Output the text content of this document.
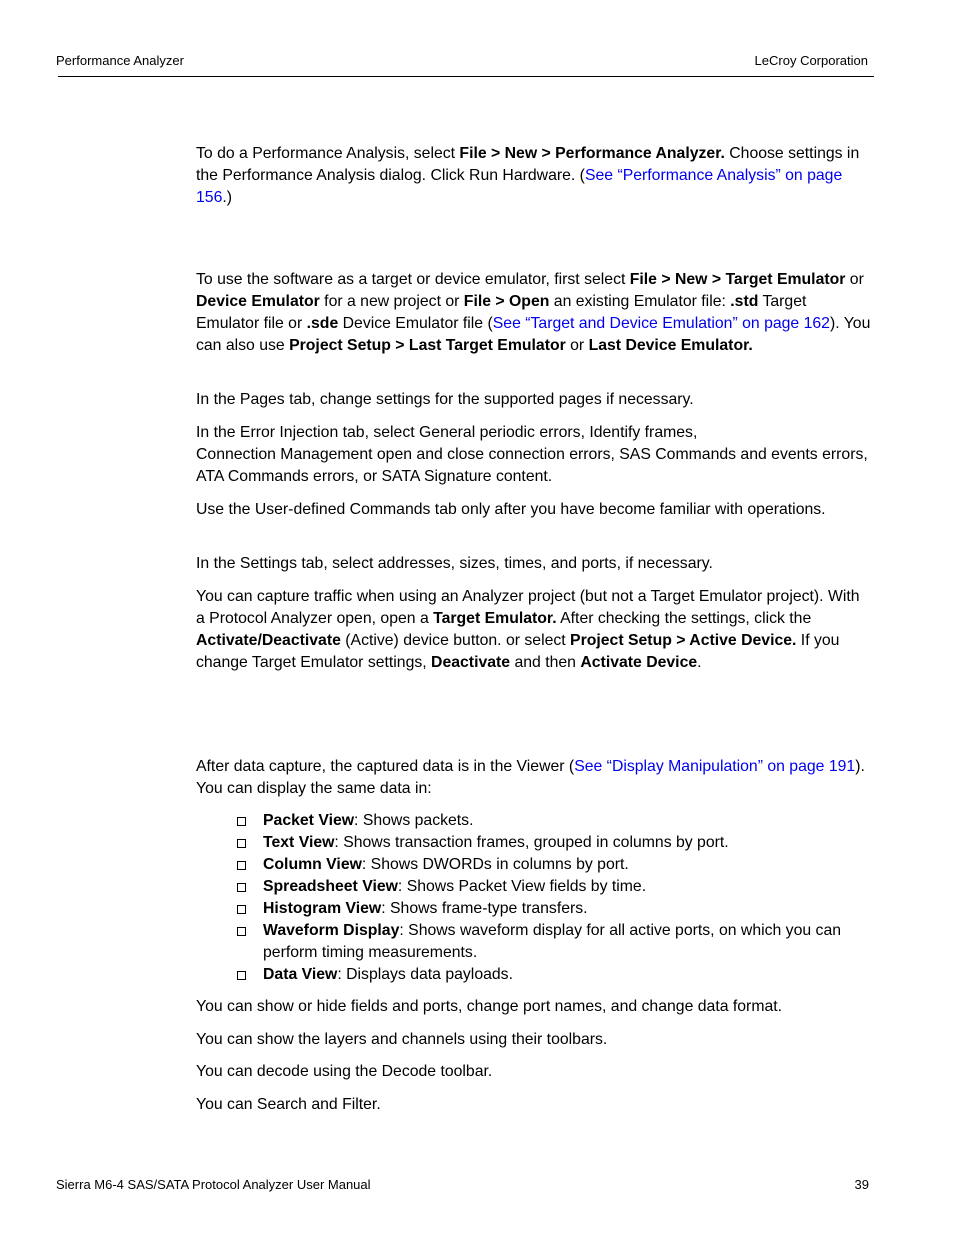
Performance Analyzer	LeCroy Corporation

To do a Performance Analysis, select File > New > Performance Analyzer. Choose settings in the Performance Analysis dialog. Click Run Hardware. (See “Performance Analysis” on page 156.)

To use the software as a target or device emulator, first select File > New > Target Emulator or Device Emulator for a new project or File > Open an existing Emulator file: .std Target Emulator file or .sde Device Emulator file (See “Target and Device Emulation” on page 162). You can also use Project Setup > Last Target Emulator or Last Device Emulator.

In the Pages tab, change settings for the supported pages if necessary.

In the Error Injection tab, select General periodic errors, Identify frames,
Connection Management open and close connection errors, SAS Commands and events errors, ATA Commands errors, or SATA Signature content.

Use the User-defined Commands tab only after you have become familiar with operations.

In the Settings tab, select addresses, sizes, times, and ports, if necessary.

You can capture traffic when using an Analyzer project (but not a Target Emulator project). With a Protocol Analyzer open, open a Target Emulator. After checking the settings, click the Activate/Deactivate (Active) device button. or select Project Setup > Active Device. If you change Target Emulator settings, Deactivate and then Activate Device.

After data capture, the captured data is in the Viewer (See “Display Manipulation” on page 191). You can display the same data in:

Packet View: Shows packets.
Text View: Shows transaction frames, grouped in columns by port.
Column View: Shows DWORDs in columns by port.
Spreadsheet View: Shows Packet View fields by time.
Histogram View: Shows frame-type transfers.
Waveform Display: Shows waveform display for all active ports, on which you can perform timing measurements.
Data View: Displays data payloads.

You can show or hide fields and ports, change port names, and change data format.

You can show the layers and channels using their toolbars.

You can decode using the Decode toolbar.

You can Search and Filter.

Sierra M6-4 SAS/SATA Protocol Analyzer User Manual	39
